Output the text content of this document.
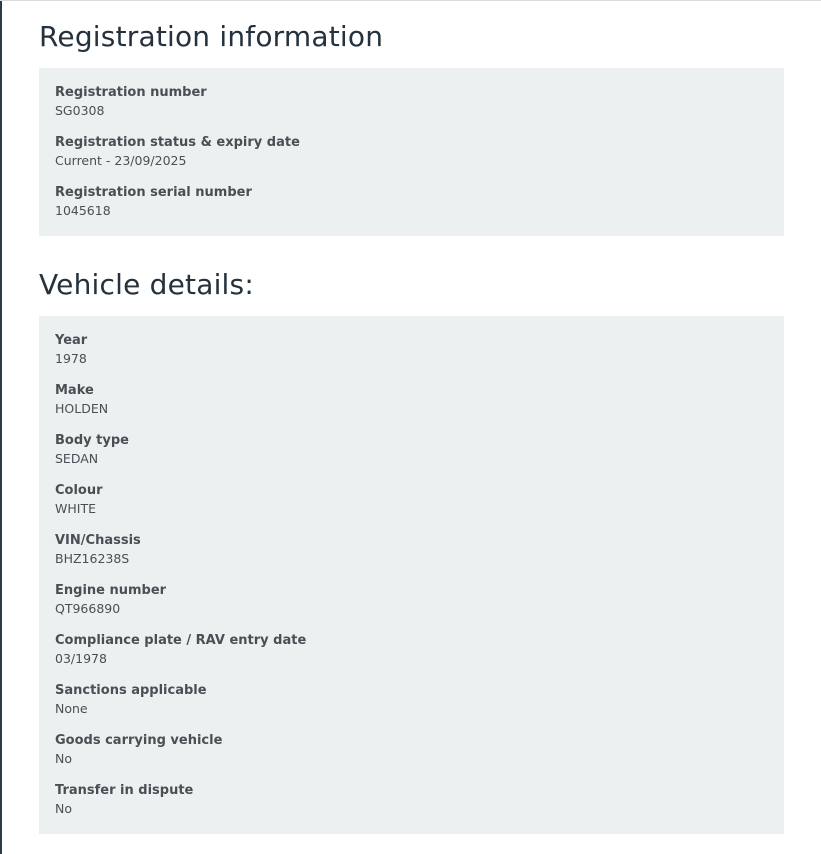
Registration information
Registration number
SG0308
Registration status & expiry date
Current - 23/09/2025
Registration serial number
1045618
Vehicle details:
Year
1978
Make
HOLDEN
Body type
SEDAN
Colour
WHITE
VIN/Chassis
BHZ16238S
Engine number
QT966890
Compliance plate / RAV entry date
03/1978
Sanctions applicable
None
Goods carrying vehicle
No
Transfer in dispute
No
